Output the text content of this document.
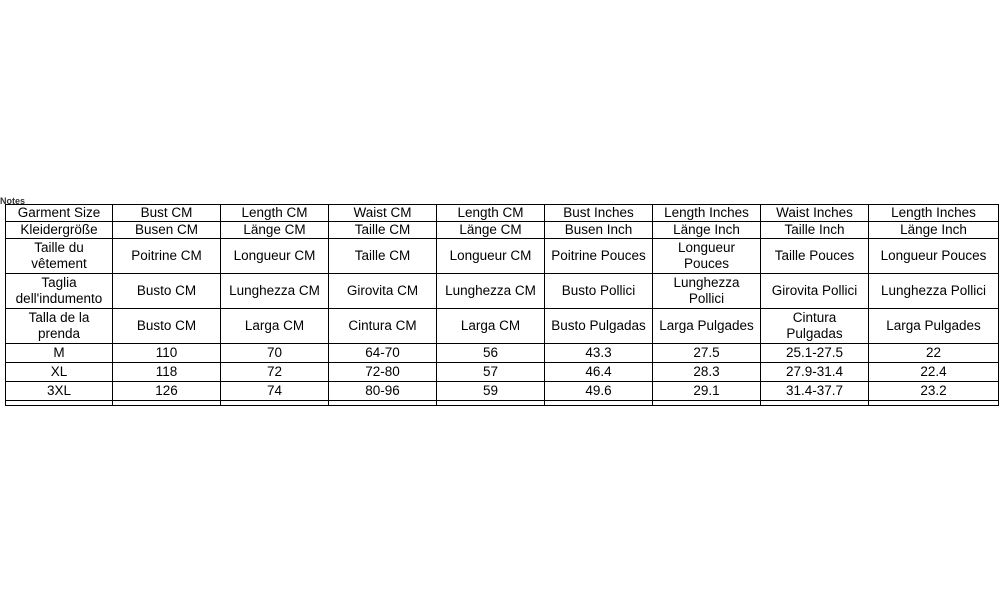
Notes
Garment Size	Bust CM	Length CM	Waist CM	Length CM	Bust Inches	Length Inches	Waist Inches	Length Inches
Kleidergröße	Busen CM	Länge CM	Taille CM	Länge CM	Busen Inch	Länge Inch	Taille Inch	Länge Inch
Taille du vêtement	Poitrine CM	Longueur CM	Taille CM	Longueur CM	Poitrine Pouces	Longueur Pouces	Taille Pouces	Longueur Pouces
Taglia dell'indumento	Busto CM	Lunghezza CM	Girovita CM	Lunghezza CM	Busto Pollici	Lunghezza Pollici	Girovita Pollici	Lunghezza Pollici
Talla de la prenda	Busto CM	Larga CM	Cintura CM	Larga CM	Busto Pulgadas	Larga Pulgades	Cintura Pulgadas	Larga Pulgades
M	110	70	64-70	56	43.3	27.5	25.1-27.5	22
XL	118	72	72-80	57	46.4	28.3	27.9-31.4	22.4
3XL	126	74	80-96	59	49.6	29.1	31.4-37.7	23.2
